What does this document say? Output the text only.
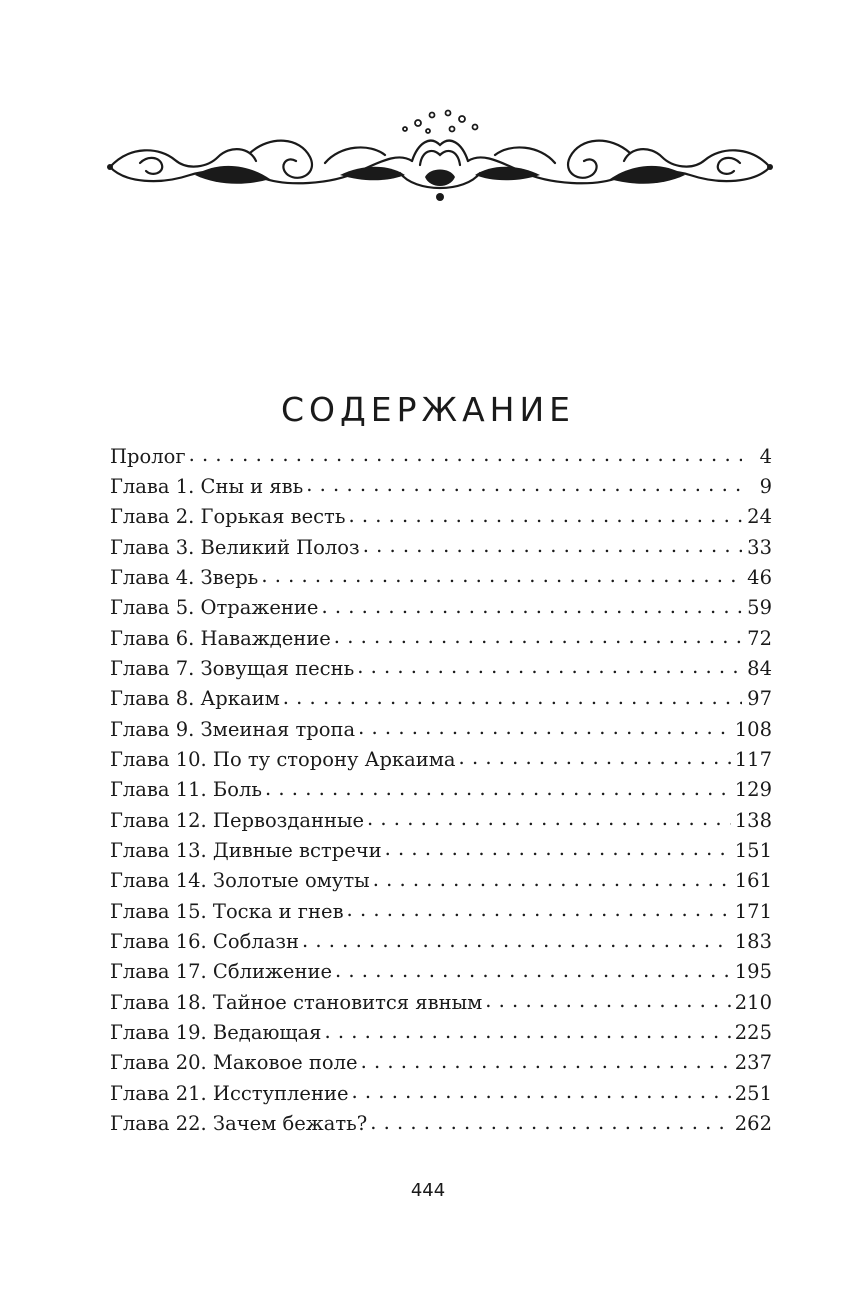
СОДЕРЖАНИЕ
Пролог . . .	4
Глава 1. Сны и явь . . .	9
Глава 2. Горькая весть . . .	24
Глава 3. Великий Полоз . . .	33
Глава 4. Зверь . . .	46
Глава 5. Отражение . . .	59
Глава 6. Наваждение . . .	72
Глава 7. Зовущая песнь . . .	84
Глава 8. Аркаим . . .	97
Глава 9. Змеиная тропа . . .	108
Глава 10. По ту сторону Аркаима . . .	117
Глава 11. Боль . . .	129
Глава 12. Первозданные . . .	138
Глава 13. Дивные встречи . . .	151
Глава 14. Золотые омуты . . .	161
Глава 15. Тоска и гнев . . .	171
Глава 16. Соблазн . . .	183
Глава 17. Сближение . . .	195
Глава 18. Тайное становится явным . . .	210
Глава 19. Ведающая . . .	225
Глава 20. Маковое поле . . .	237
Глава 21. Исступление . . .	251
Глава 22. Зачем бежать? . . .	262
444
